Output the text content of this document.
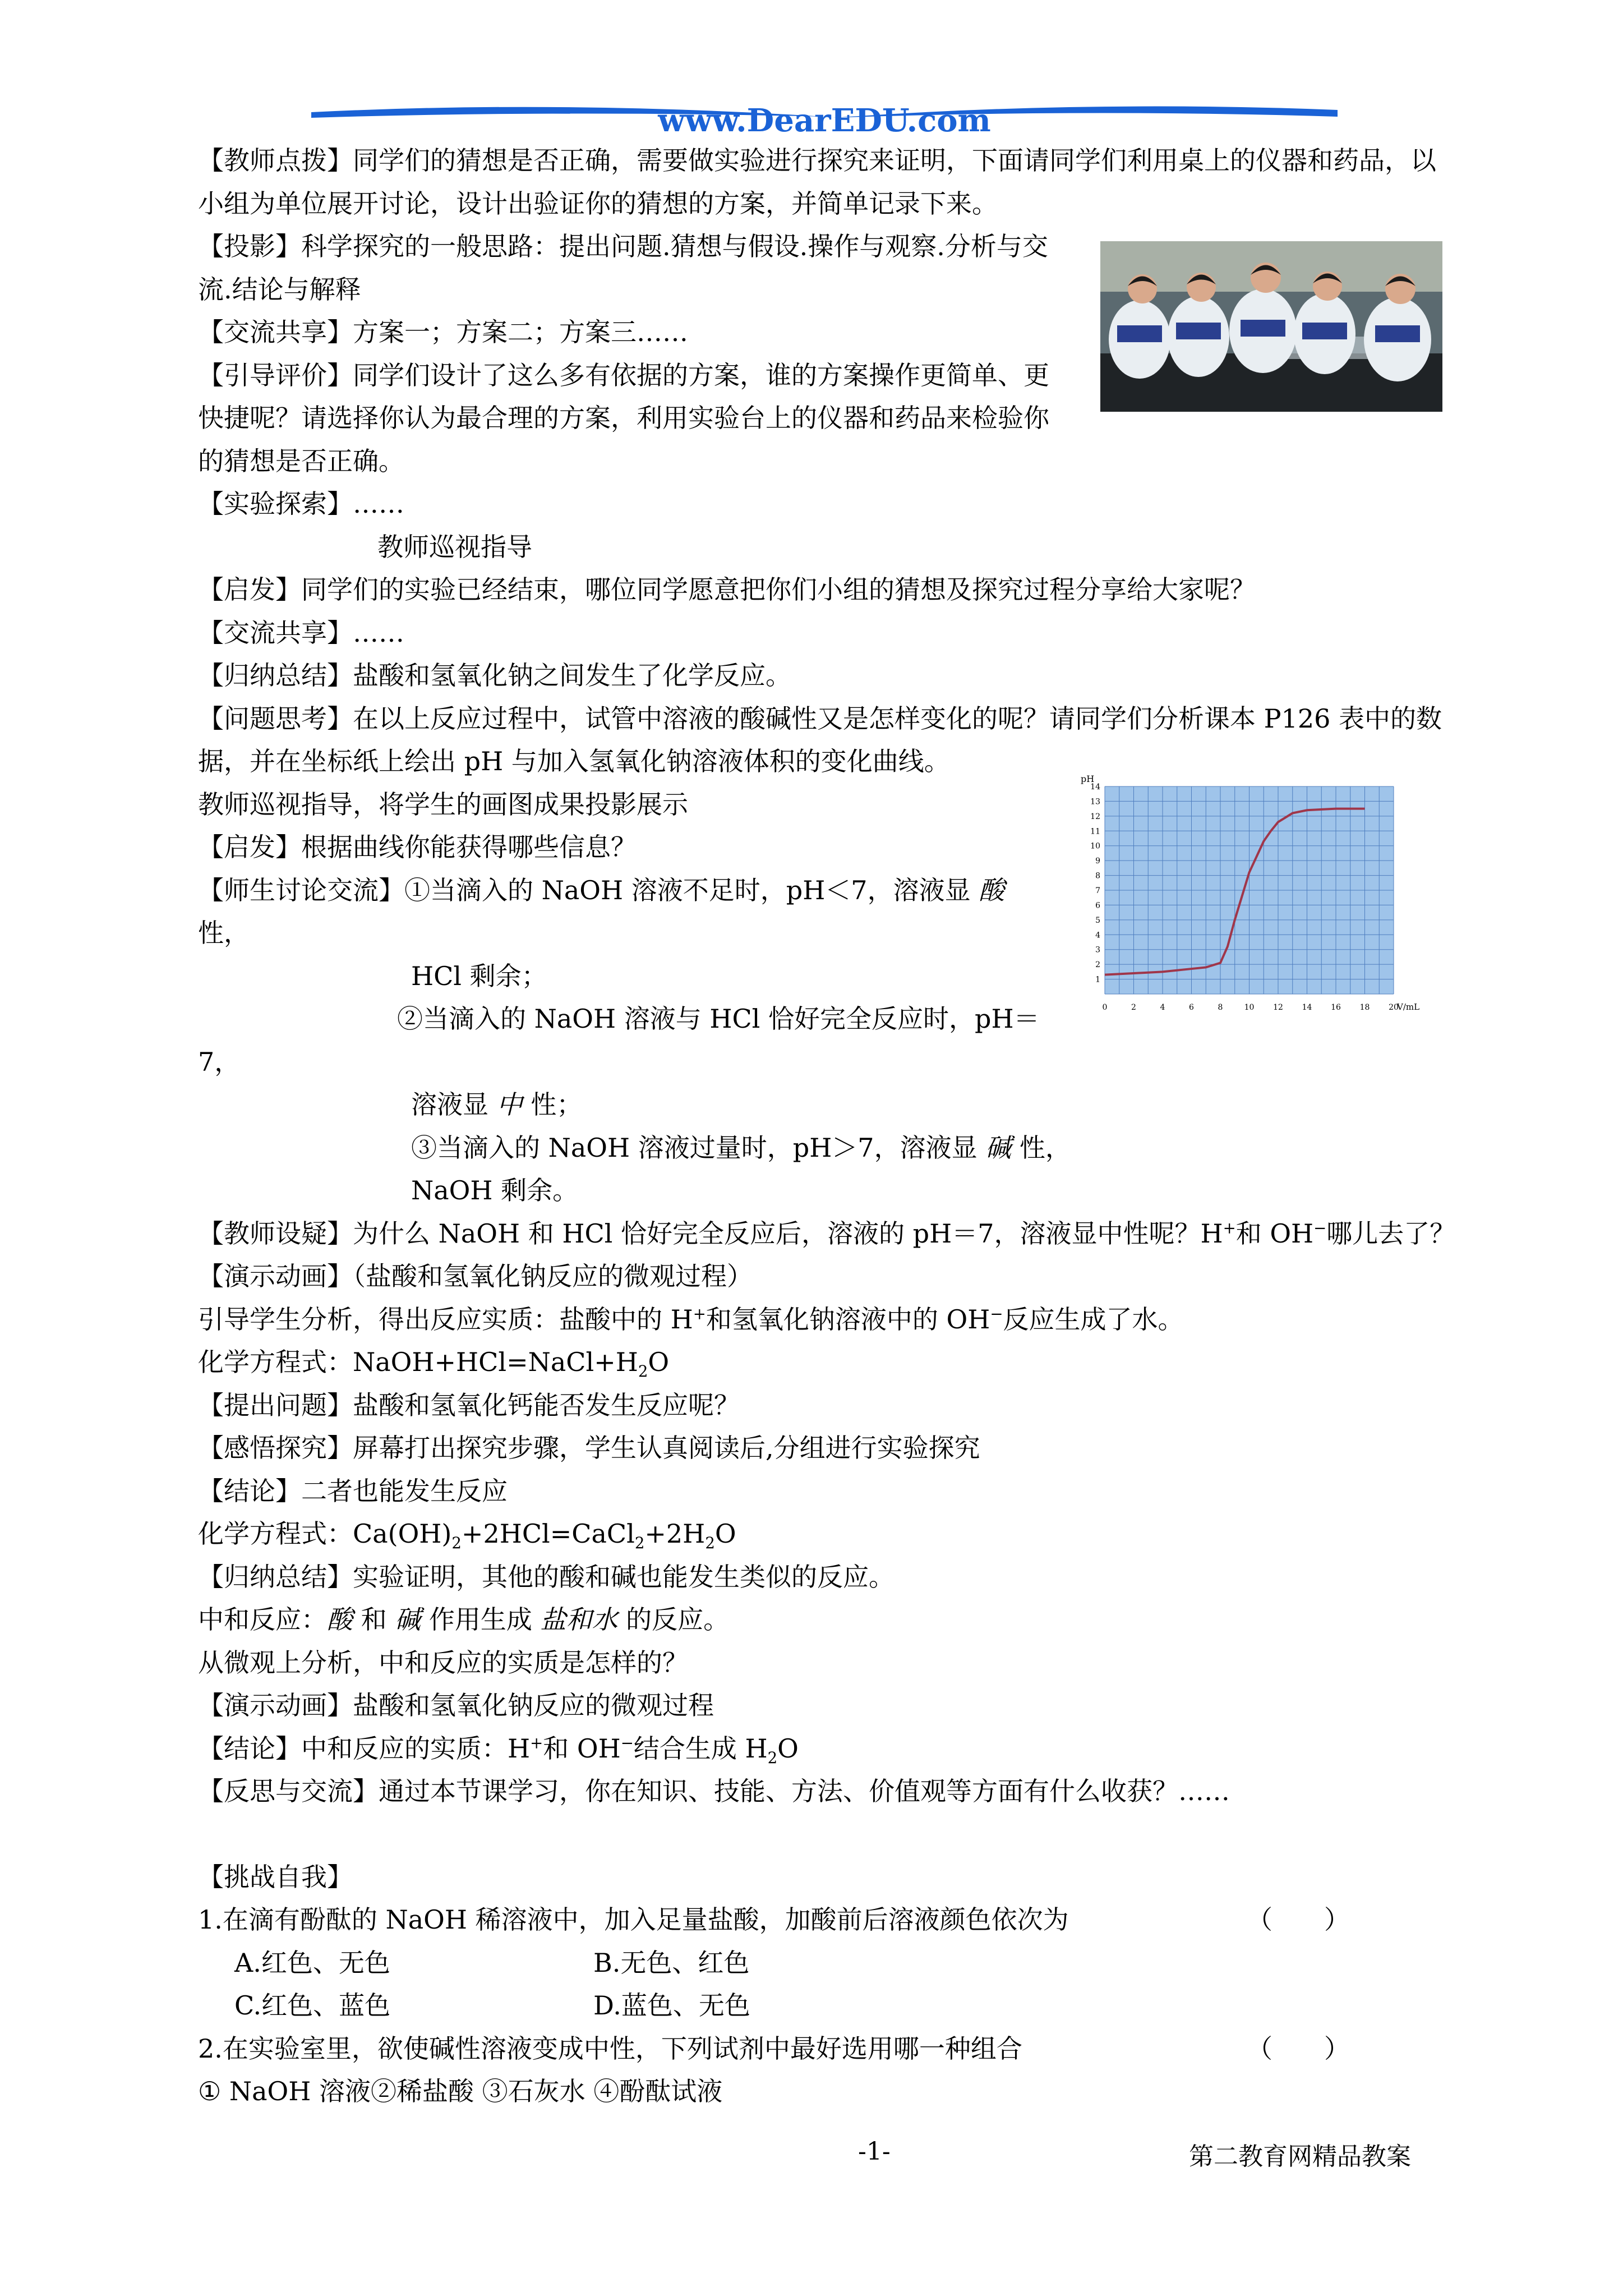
www.DearEDU.com

【教师点拨】同学们的猜想是否正确，需要做实验进行探究来证明，下面请同学们利用桌上的仪器和药品，以小组为单位展开讨论，设计出验证你的猜想的方案，并简单记录下来。

【投影】科学探究的一般思路：提出问题.猜想与假设.操作与观察.分析与交流.结论与解释

【交流共享】方案一；方案二；方案三……

【引导评价】同学们设计了这么多有依据的方案，谁的方案操作更简单、更快捷呢？请选择你认为最合理的方案，利用实验台上的仪器和药品来检验你的猜想是否正确。

【实验探索】……

教师巡视指导

【启发】同学们的实验已经结束，哪位同学愿意把你们小组的猜想及探究过程分享给大家呢？

【交流共享】……

【归纳总结】盐酸和氢氧化钠之间发生了化学反应。

【问题思考】在以上反应过程中，试管中溶液的酸碱性又是怎样变化的呢？请同学们分析课本 P126 表中的数据，并在坐标纸上绘出 pH 与加入氢氧化钠溶液体积的变化曲线。

教师巡视指导，将学生的画图成果投影展示

【启发】根据曲线你能获得哪些信息？

【师生讨论交流】①当滴入的 NaOH 溶液不足时，pH＜7，溶液显 酸 性，

HCl 剩余；

②当滴入的 NaOH 溶液与 HCl 恰好完全反应时，pH＝7，

溶液显 中 性；

③当滴入的 NaOH 溶液过量时，pH＞7，溶液显 碱 性，

NaOH 剩余。

【教师设疑】为什么 NaOH 和 HCl 恰好完全反应后，溶液的 pH＝7，溶液显中性呢？H+和 OH−哪儿去了？

【演示动画】（盐酸和氢氧化钠反应的微观过程）

引导学生分析，得出反应实质：盐酸中的 H+和氢氧化钠溶液中的 OH−反应生成了水。

化学方程式：$NaOH+HCl=NaCl+H_2O$

【提出问题】盐酸和氢氧化钙能否发生反应呢？

【感悟探究】屏幕打出探究步骤，学生认真阅读后,分组进行实验探究

【结论】二者也能发生反应

化学方程式：$Ca(OH)_2+2HCl=CaCl_2+2H_2O$

【归纳总结】实验证明，其他的酸和碱也能发生类似的反应。

中和反应：酸 和 碱 作用生成 盐和水 的反应。

从微观上分析，中和反应的实质是怎样的？

【演示动画】盐酸和氢氧化钠反应的微观过程

【结论】中和反应的实质：H+和 OH−结合生成 $H_2O$

【反思与交流】通过本节课学习，你在知识、技能、方法、价值观等方面有什么收获？……

【挑战自我】

1.在滴有酚酞的 NaOH 稀溶液中，加入足量盐酸，加酸前后溶液颜色依次为	（　　）

A.红色、无色	B.无色、红色

C.红色、蓝色	D.蓝色、无色

2.在实验室里，欲使碱性溶液变成中性，下列试剂中最好选用哪一种组合	（　　）

① NaOH 溶液②稀盐酸 ③石灰水 ④酚酞试液

1
2
3
4
5
6
7
8
9
10
11
12
13
14
0	2	4	6	8	10 12 14 16 18 20
pH
V/mL
-1-	第二教育网精品教案
